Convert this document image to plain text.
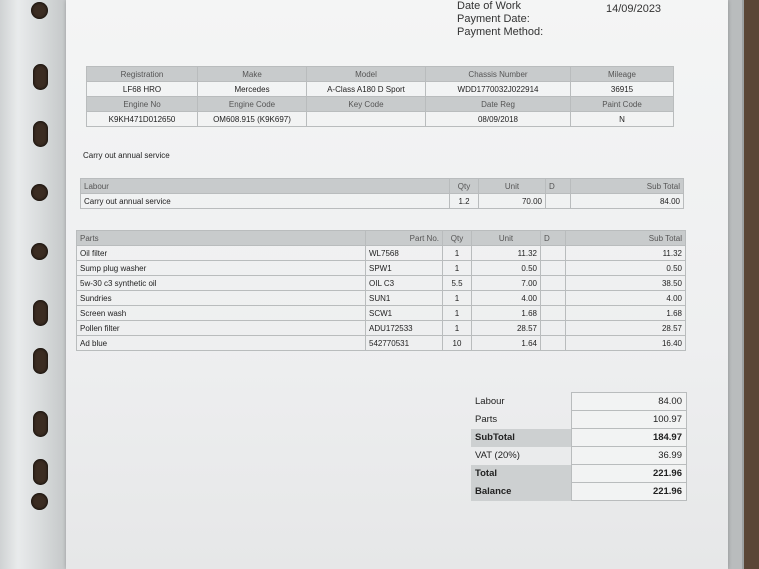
Date of Work
Payment Date:
Payment Method:
14/09/2023
Registration	Make	Model	Chassis Number	Mileage
LF68 HRO	Mercedes	A-Class A180 D Sport	WDD1770032J022914	36915
Engine No	Engine Code	Key Code	Date Reg	Paint Code
K9KH471D012650	OM608.915 (K9K697)		08/09/2018	N
Carry out annual service
Labour	Qty	Unit	D	Sub Total
Carry out annual service	1.2	70.00		84.00
Parts	Part No.	Qty	Unit	D	Sub Total
Oil filter	WL7568	1	11.32		11.32
Sump plug washer	SPW1	1	0.50		0.50
5w-30 c3 synthetic oil	OIL C3	5.5	7.00		38.50
Sundries	SUN1	1	4.00		4.00
Screen wash	SCW1	1	1.68		1.68
Pollen filter	ADU172533	1	28.57		28.57
Ad blue	542770531	10	1.64		16.40
Labour	84.00
Parts	100.97
SubTotal	184.97
VAT (20%)	36.99
Total	221.96
Balance	221.96
